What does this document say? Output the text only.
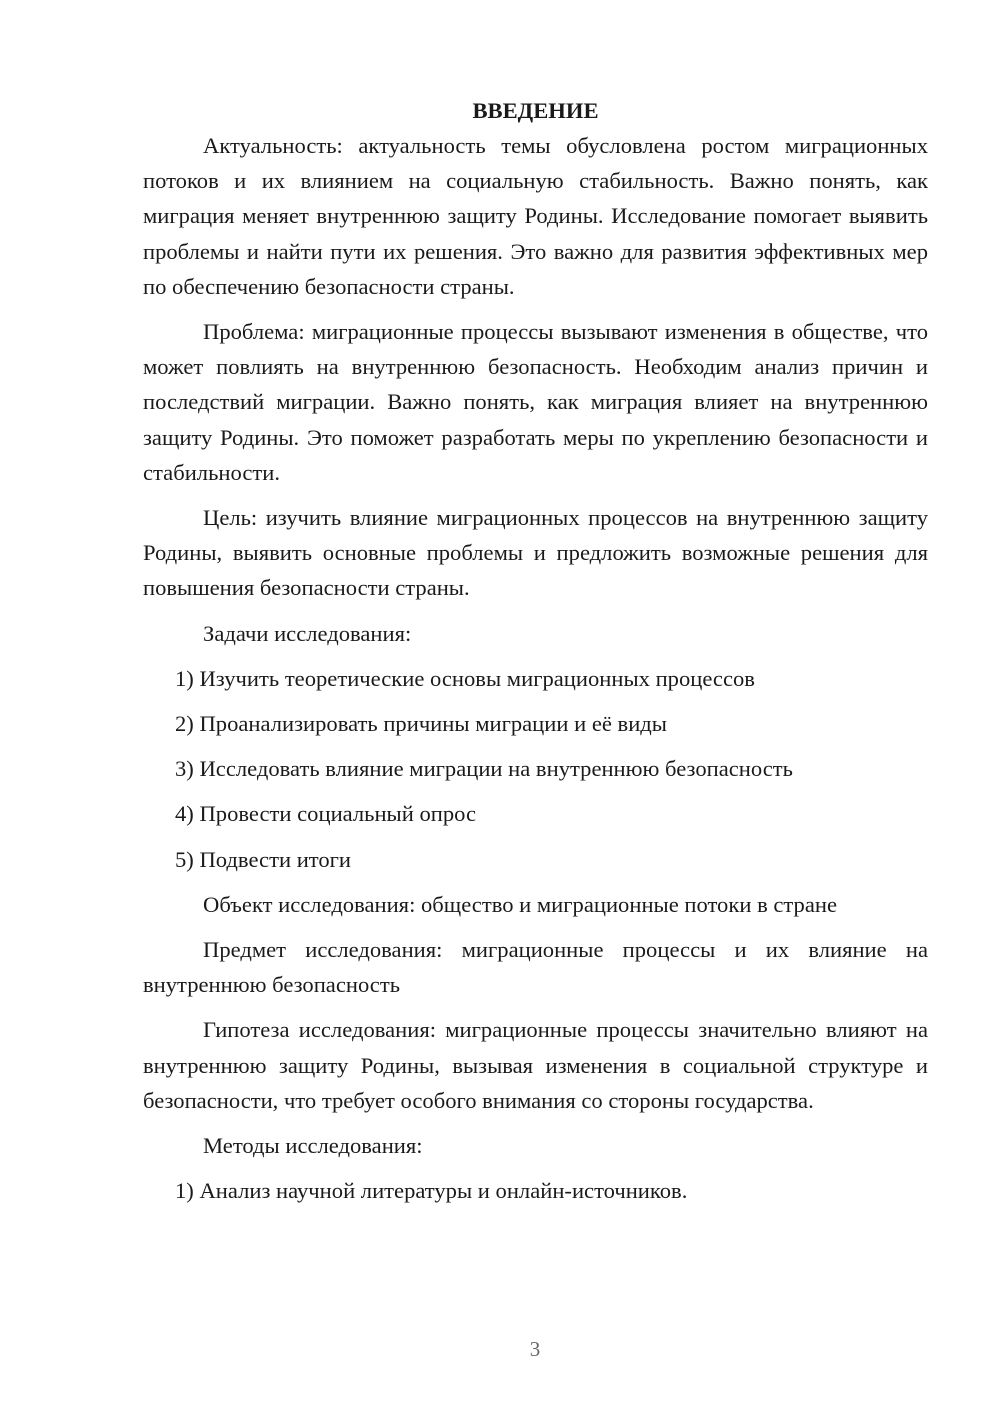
ВВЕДЕНИЕ

Актуальность: актуальность темы обусловлена ростом миграционных потоков и их влиянием на социальную стабильность. Важно понять, как миграция меняет внутреннюю защиту Родины. Исследование помогает выявить проблемы и найти пути их решения. Это важно для развития эффективных мер по обеспечению безопасности страны.

Проблема: миграционные процессы вызывают изменения в обществе, что может повлиять на внутреннюю безопасность. Необходим анализ причин и последствий миграции. Важно понять, как миграция влияет на внутреннюю защиту Родины. Это поможет разработать меры по укреплению безопасности и стабильности.

Цель: изучить влияние миграционных процессов на внутреннюю защиту Родины, выявить основные проблемы и предложить возможные решения для повышения безопасности страны.

Задачи исследования:

1) Изучить теоретические основы миграционных процессов

2) Проанализировать причины миграции и её виды

3) Исследовать влияние миграции на внутреннюю безопасность

4) Провести социальный опрос

5) Подвести итоги

Объект исследования: общество и миграционные потоки в стране

Предмет исследования: миграционные процессы и их влияние на внутреннюю безопасность

Гипотеза исследования: миграционные процессы значительно влияют на внутреннюю защиту Родины, вызывая изменения в социальной структуре и безопасности, что требует особого внимания со стороны государства.

Методы исследования:

1) Анализ научной литературы и онлайн-источников.

3
